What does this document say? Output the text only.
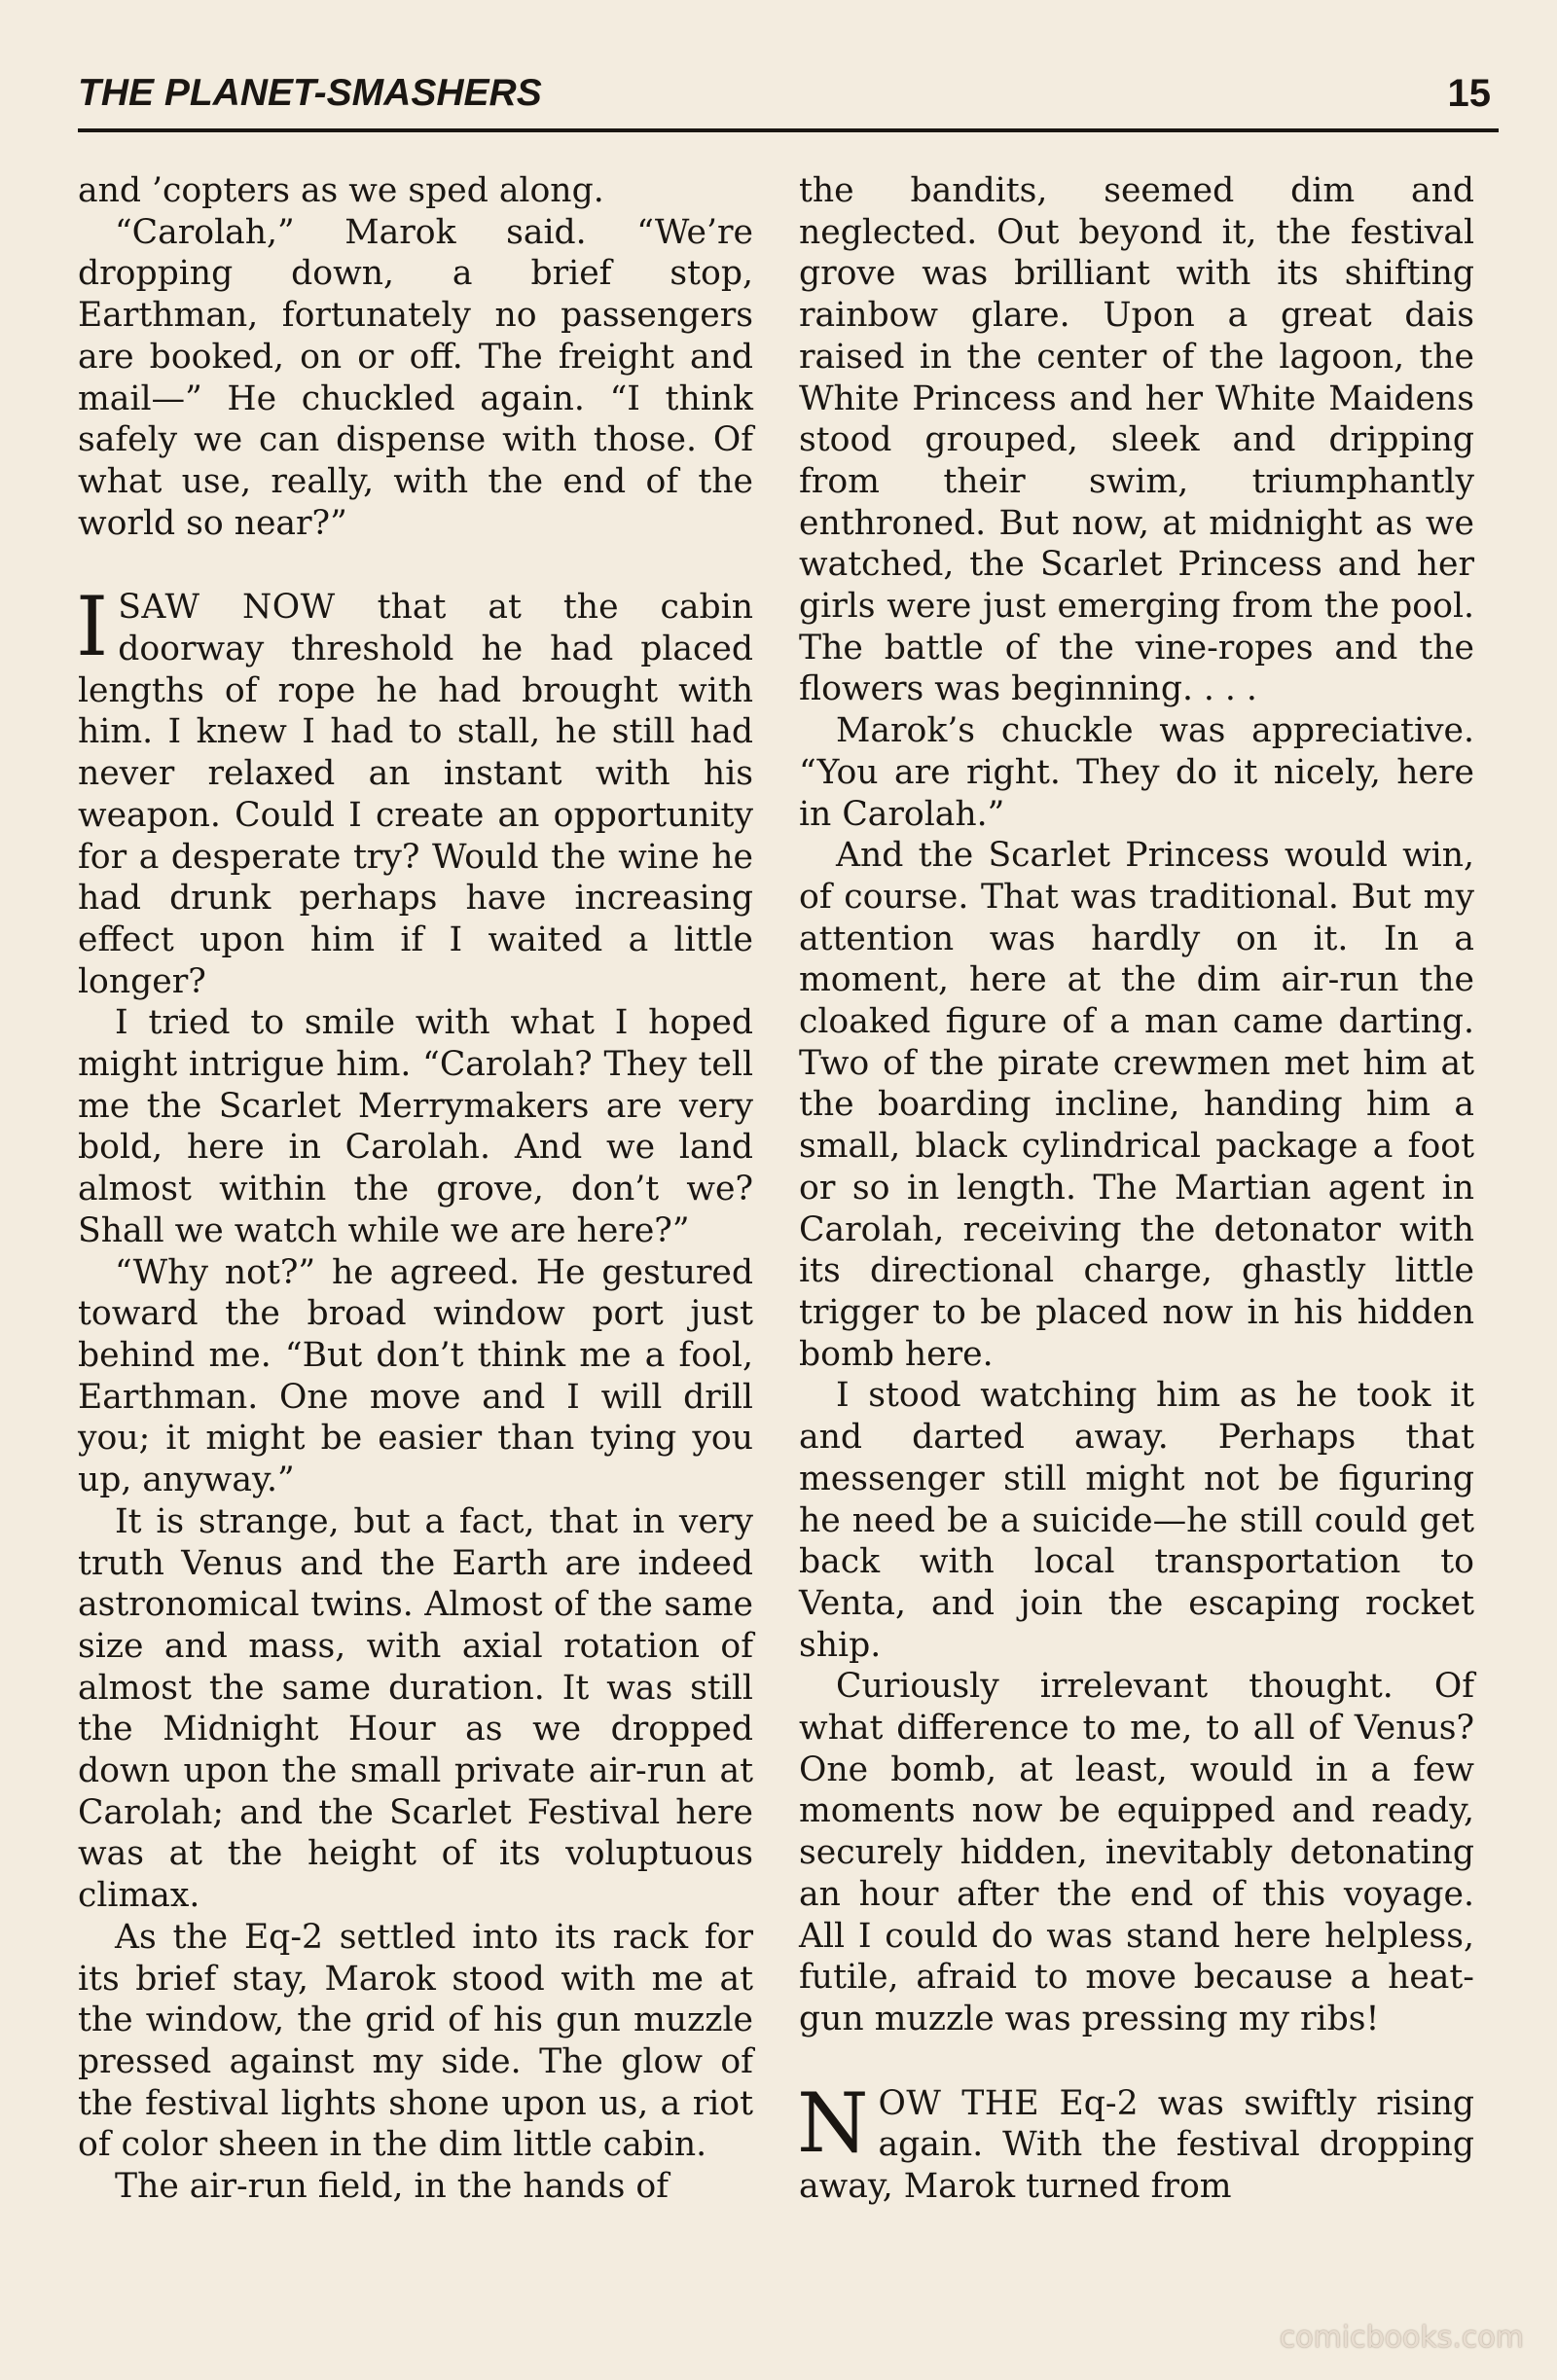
THE PLANET-SMASHERS	15

and ’copters as we sped along.

“Carolah,” Marok said. “We’re dropping down, a brief stop, Earthman, fortunately no passengers are booked, on or off. The freight and mail—” He chuckled again. “I think safely we can dispense with those. Of what use, really, with the end of the world so near?”

ISAW NOW that at the cabin doorway threshold he had placed lengths of rope he had brought with him. I knew I had to stall, he still had never relaxed an instant with his weapon. Could I create an opportunity for a desperate try? Would the wine he had drunk perhaps have increasing effect upon him if I waited a little longer?

I tried to smile with what I hoped might intrigue him. “Carolah? They tell me the Scarlet Merrymakers are very bold, here in Carolah. And we land almost within the grove, don’t we? Shall we watch while we are here?”

“Why not?” he agreed. He gestured toward the broad window port just behind me. “But don’t think me a fool, Earthman. One move and I will drill you; it might be easier than tying you up, anyway.”

It is strange, but a fact, that in very truth Venus and the Earth are indeed astronomical twins. Almost of the same size and mass, with axial rotation of almost the same duration. It was still the Midnight Hour as we dropped down upon the small private air-run at Carolah; and the Scarlet Festival here was at the height of its voluptuous climax.

As the Eq-2 settled into its rack for its brief stay, Marok stood with me at the window, the grid of his gun muzzle pressed against my side. The glow of the festival lights shone upon us, a riot of color sheen in the dim little cabin.

The air-run field, in the hands of

the bandits, seemed dim and neglected. Out beyond it, the festival grove was brilliant with its shifting rainbow glare. Upon a great dais raised in the center of the lagoon, the White Princess and her White Maidens stood grouped, sleek and dripping from their swim, triumphantly enthroned. But now, at midnight as we watched, the Scarlet Princess and her girls were just emerging from the pool. The battle of the vine-ropes and the flowers was beginning. . . .

Marok’s chuckle was appreciative. “You are right. They do it nicely, here in Carolah.”

And the Scarlet Princess would win, of course. That was traditional. But my attention was hardly on it. In a moment, here at the dim air-run the cloaked figure of a man came darting. Two of the pirate crewmen met him at the boarding incline, handing him a small, black cylindrical package a foot or so in length. The Martian agent in Carolah, receiving the detonator with its directional charge, ghastly little trigger to be placed now in his hidden bomb here.

I stood watching him as he took it and darted away. Perhaps that messenger still might not be figuring he need be a suicide—he still could get back with local transportation to Venta, and join the escaping rocket ship.

Curiously irrelevant thought. Of what difference to me, to all of Venus? One bomb, at least, would in a few moments now be equipped and ready, securely hidden, inevitably detonating an hour after the end of this voyage. All I could do was stand here helpless, futile, afraid to move because a heat-gun muzzle was pressing my ribs!

NOW THE Eq-2 was swiftly rising again. With the festival dropping away, Marok turned from

comicbooks.com
